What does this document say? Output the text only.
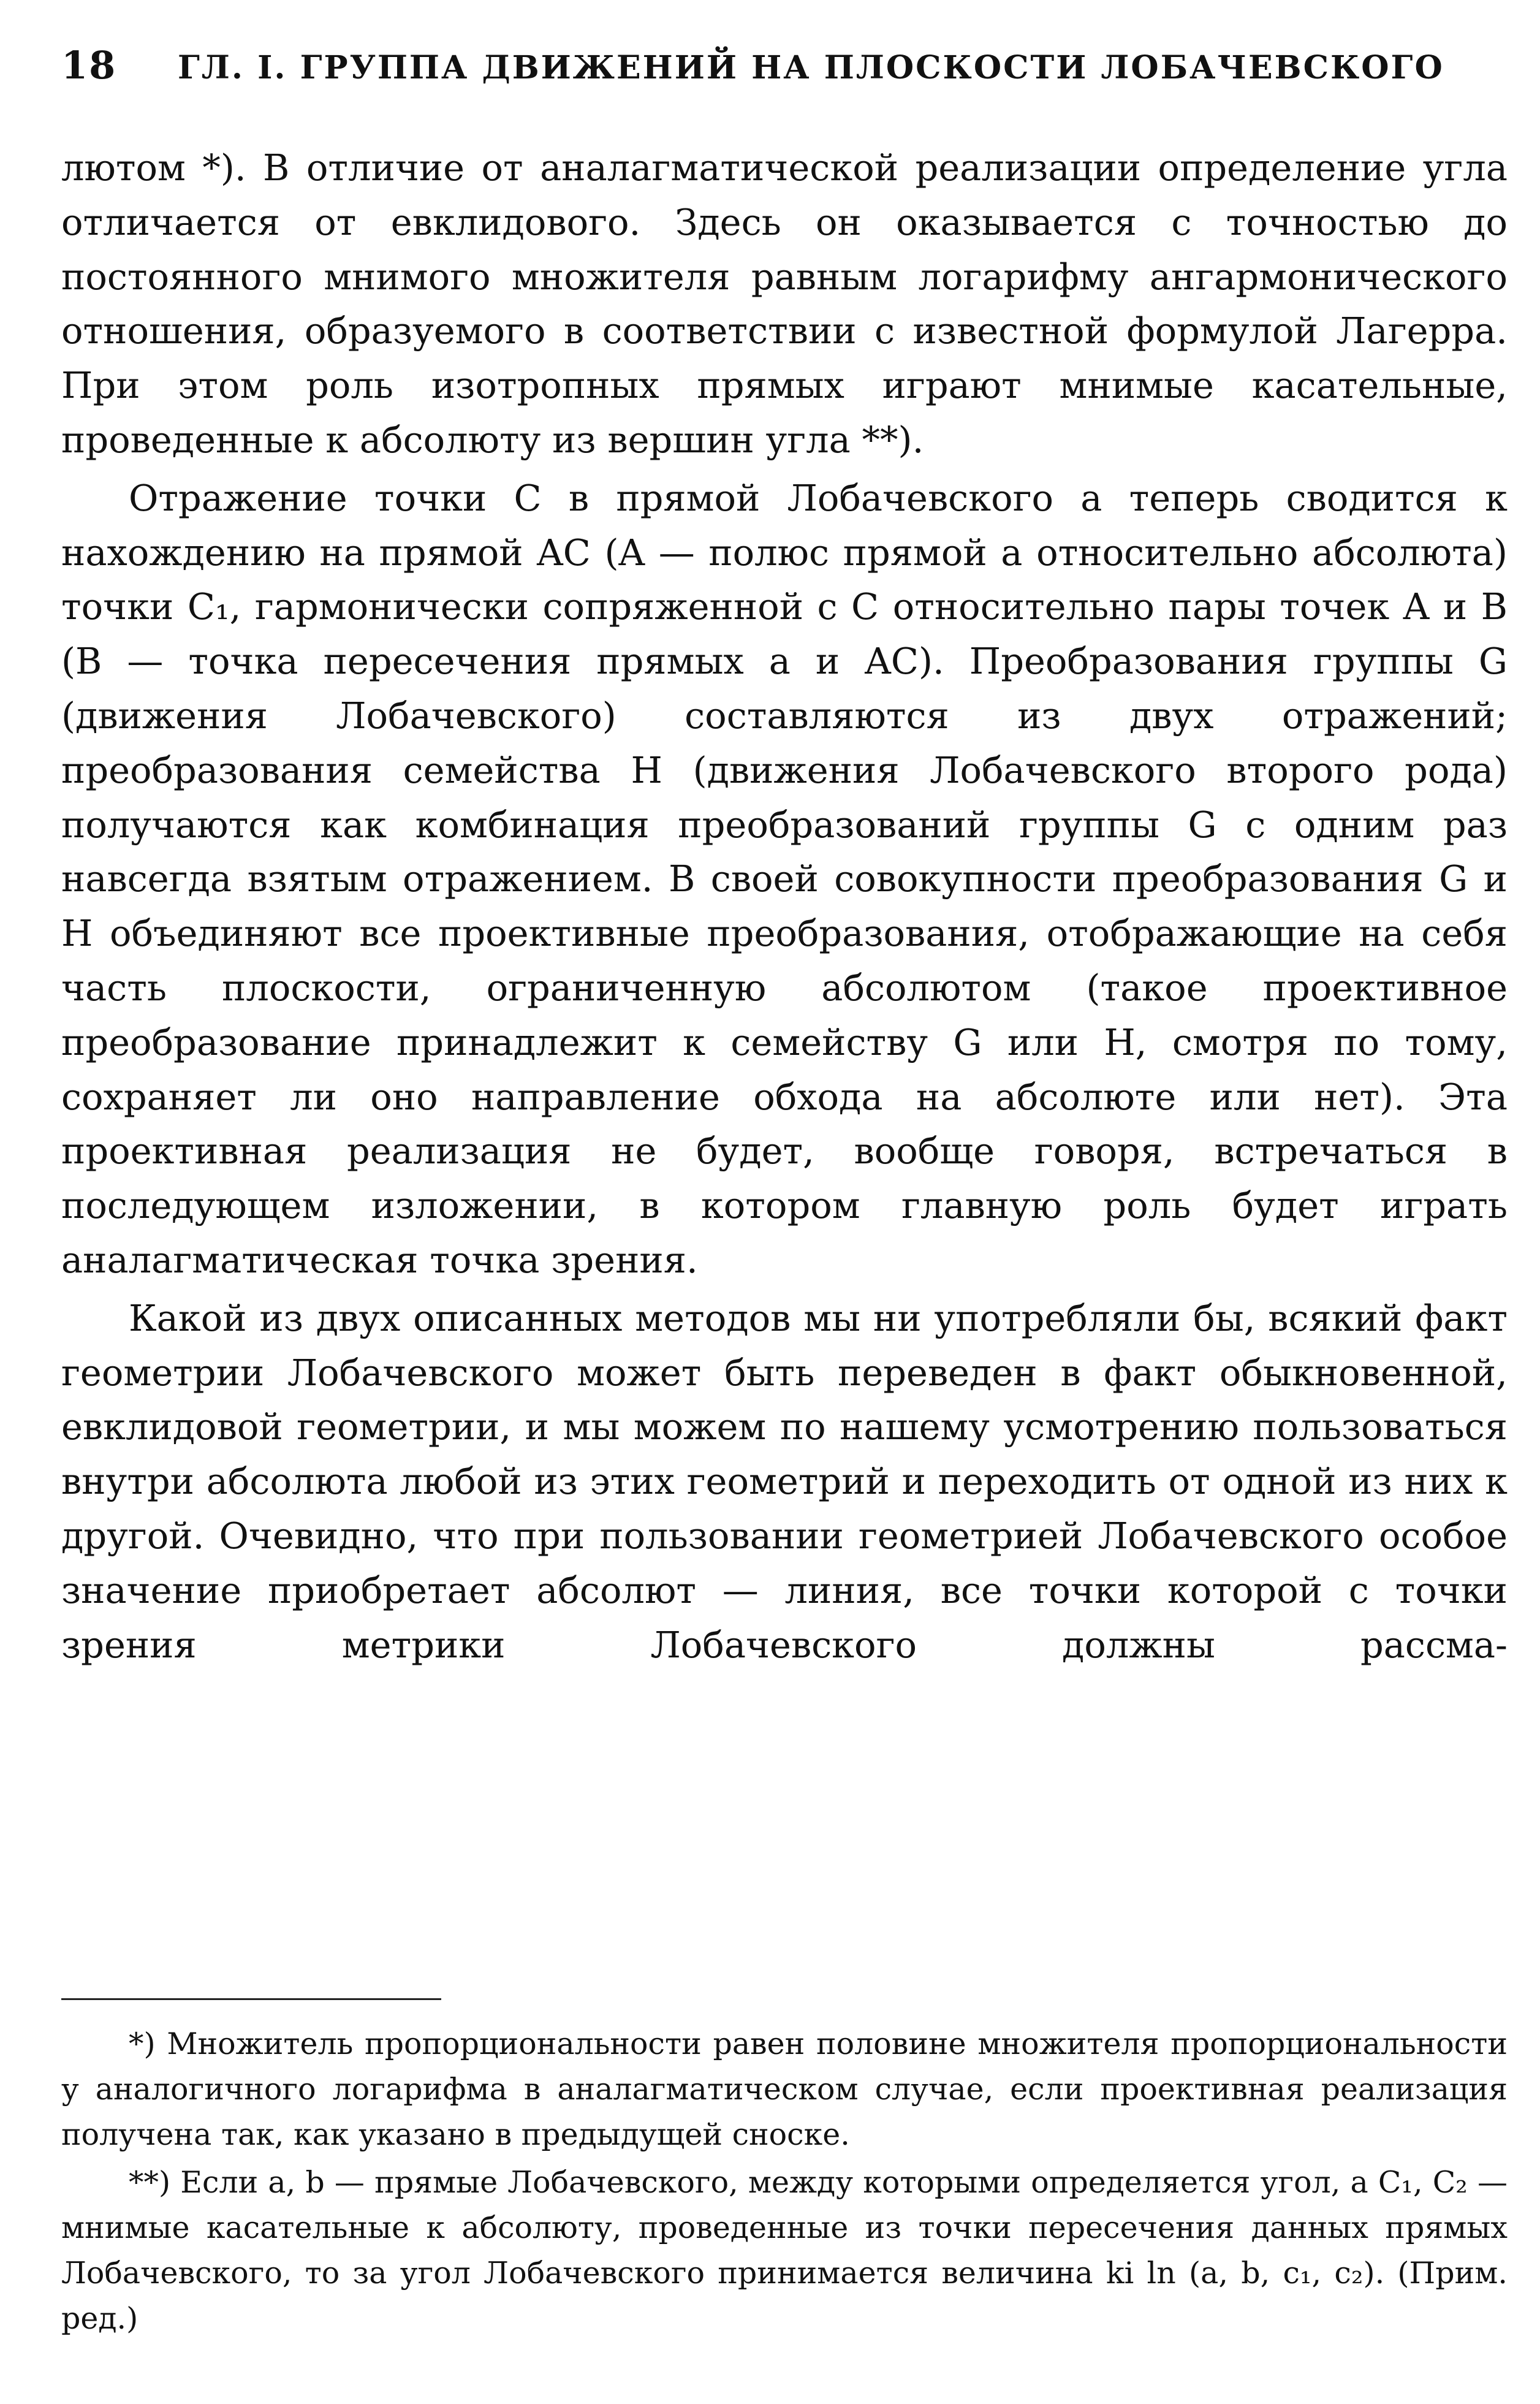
18 ГЛ. I. ГРУППА ДВИЖЕНИЙ НА ПЛОСКОСТИ ЛОБАЧЕВСКОГО

лютом *). В отличие от аналагматической реализации определение угла отличается от евклидового. Здесь он оказывается с точностью до постоянного мнимого множителя равным логарифму ангармонического отношения, образуемого в соответствии с известной формулой Лагерра. При этом роль изотропных прямых играют мнимые касательные, проведенные к абсолюту из вершин угла **).

Отражение точки C в прямой Лобачевского a теперь сводится к нахождению на прямой AC (A — полюс прямой a относительно абсолюта) точки C₁, гармонически сопряженной с C относительно пары точек A и B (B — точка пересечения прямых a и AC). Преобразования группы G (движения Лобачевского) составляются из двух отражений; преобразования семейства H (движения Лобачевского второго рода) получаются как комбинация преобразований группы G с одним раз навсегда взятым отражением. В своей совокупности преобразования G и H объединяют все проективные преобразования, отображающие на себя часть плоскости, ограниченную абсолютом (такое проективное преобразование принадлежит к семейству G или H, смотря по тому, сохраняет ли оно направление обхода на абсолюте или нет). Эта проективная реализация не будет, вообще говоря, встречаться в последующем изложении, в котором главную роль будет играть аналагматическая точка зрения.

Какой из двух описанных методов мы ни употребляли бы, всякий факт геометрии Лобачевского может быть переведен в факт обыкновенной, евклидовой геометрии, и мы можем по нашему усмотрению пользоваться внутри абсолюта любой из этих геометрий и переходить от одной из них к другой. Очевидно, что при пользовании геометрией Лобачевского особое значение приобретает абсолют — линия, все точки которой с точки зрения метрики Лобачевского должны рассма-

*) Множитель пропорциональности равен половине множителя пропорциональности у аналогичного логарифма в аналагматическом случае, если проективная реализация получена так, как указано в предыдущей сноске.

**) Если a, b — прямые Лобачевского, между которыми определяется угол, а C₁, C₂ — мнимые касательные к абсолюту, проведенные из точки пересечения данных прямых Лобачевского, то за угол Лобачевского принимается величина ki ln (a, b, c₁, c₂). (Прим. ред.)
